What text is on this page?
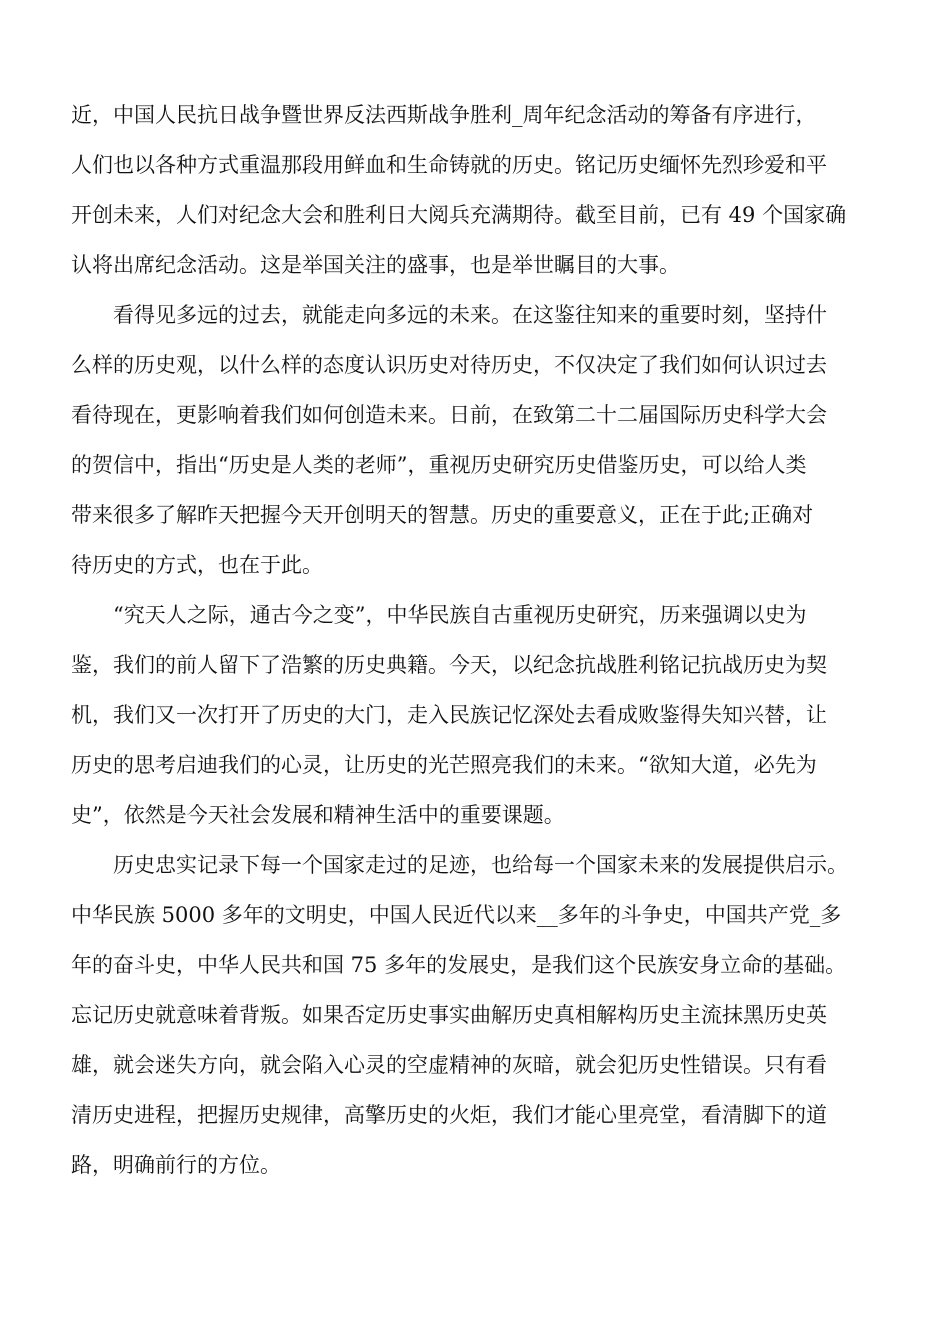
近，中国人民抗日战争暨世界反法西斯战争胜利_周年纪念活动的筹备有序进行，
人们也以各种方式重温那段用鲜血和生命铸就的历史。铭记历史缅怀先烈珍爱和平
开创未来，人们对纪念大会和胜利日大阅兵充满期待。截至目前，已有 49 个国家确
认将出席纪念活动。这是举国关注的盛事，也是举世瞩目的大事。
看得见多远的过去，就能走向多远的未来。在这鉴往知来的重要时刻，坚持什
么样的历史观，以什么样的态度认识历史对待历史，不仅决定了我们如何认识过去
看待现在，更影响着我们如何创造未来。日前，在致第二十二届国际历史科学大会
的贺信中，指出“历史是人类的老师”，重视历史研究历史借鉴历史，可以给人类
带来很多了解昨天把握今天开创明天的智慧。历史的重要意义，正在于此;正确对
待历史的方式，也在于此。
“究天人之际，通古今之变”，中华民族自古重视历史研究，历来强调以史为
鉴，我们的前人留下了浩繁的历史典籍。今天，以纪念抗战胜利铭记抗战历史为契
机，我们又一次打开了历史的大门，走入民族记忆深处去看成败鉴得失知兴替，让
历史的思考启迪我们的心灵，让历史的光芒照亮我们的未来。“欲知大道，必先为
史”，依然是今天社会发展和精神生活中的重要课题。
历史忠实记录下每一个国家走过的足迹，也给每一个国家未来的发展提供启示。
中华民族 5000 多年的文明史，中国人民近代以来__多年的斗争史，中国共产党_多
年的奋斗史，中华人民共和国 75 多年的发展史，是我们这个民族安身立命的基础。
忘记历史就意味着背叛。如果否定历史事实曲解历史真相解构历史主流抹黑历史英
雄，就会迷失方向，就会陷入心灵的空虚精神的灰暗，就会犯历史性错误。只有看
清历史进程，把握历史规律，高擎历史的火炬，我们才能心里亮堂，看清脚下的道
路，明确前行的方位。
